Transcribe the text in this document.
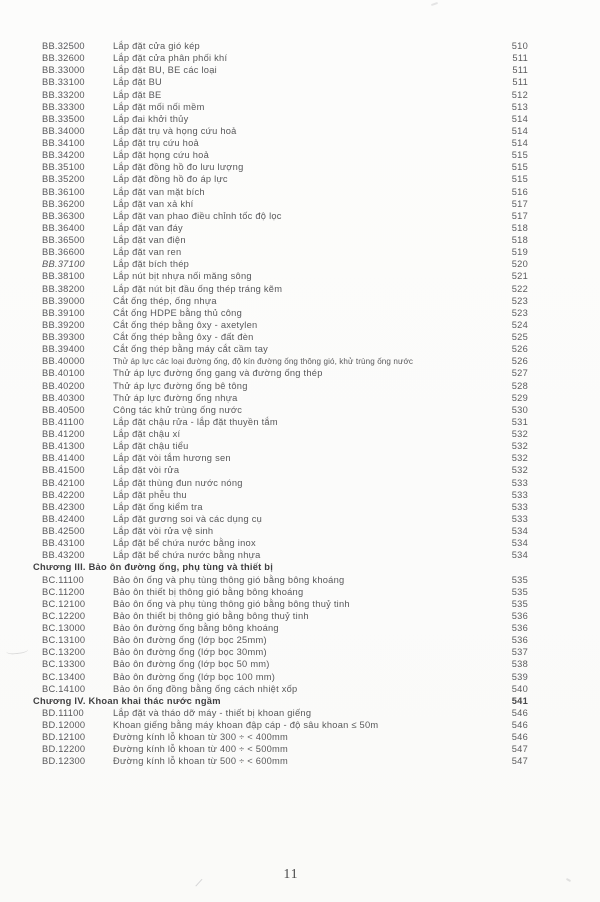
BB.32500	Lắp đặt cửa gió kép	510
BB.32600	Lắp đặt cửa phân phối khí	511
BB.33000	Lắp đặt BU, BE các loại	511
BB.33100	Lắp đặt BU	511
BB.33200	Lắp đặt BE	512
BB.33300	Lắp đặt mối nối mềm	513
BB.33500	Lắp đai khởi thủy	514
BB.34000	Lắp đặt trụ và họng cứu hoả	514
BB.34100	Lắp đặt trụ cứu hoả	514
BB.34200	Lắp đặt họng cứu hoả	515
BB.35100	Lắp đặt đồng hồ đo lưu lượng	515
BB.35200	Lắp đặt đồng hồ đo áp lực	515
BB.36100	Lắp đặt van mặt bích	516
BB.36200	Lắp đặt van xả khí	517
BB.36300	Lắp đặt van phao điều chỉnh tốc độ lọc	517
BB.36400	Lắp đặt van đáy	518
BB.36500	Lắp đặt van điện	518
BB.36600	Lắp đặt van ren	519
BB.37100	Lắp đặt bích thép	520
BB.38100	Lắp nút bịt nhựa nối măng sông	521
BB.38200	Lắp đặt nút bịt đầu ống thép tráng kẽm	522
BB.39000	Cắt ống thép, ống nhựa	523
BB.39100	Cắt ống HDPE bằng thủ công	523
BB.39200	Cắt ống thép bằng ôxy - axetylen	524
BB.39300	Cắt ống thép bằng ôxy - đất đèn	525
BB.39400	Cắt ống thép bằng máy cắt cầm tay	526
BB.40000	Thử áp lực các loại đường ống, độ kín đường ống thông gió, khử trùng ống nước	526
BB.40100	Thử áp lực đường ống gang và đường ống thép	527
BB.40200	Thử áp lực đường ống bê tông	528
BB.40300	Thử áp lực đường ống nhựa	529
BB.40500	Công tác khử trùng ống nước	530
BB.41100	Lắp đặt chậu rửa - lắp đặt thuyền tắm	531
BB.41200	Lắp đặt chậu xí	532
BB.41300	Lắp đặt chậu tiểu	532
BB.41400	Lắp đặt vòi tắm hương sen	532
BB.41500	Lắp đặt vòi rửa	532
BB.42100	Lắp đặt thùng đun nước nóng	533
BB.42200	Lắp đặt phễu thu	533
BB.42300	Lắp đặt ống kiểm tra	533
BB.42400	Lắp đặt gương soi và các dụng cụ	533
BB.42500	Lắp đặt vòi rửa vệ sinh	534
BB.43100	Lắp đặt bể chứa nước bằng inox	534
BB.43200	Lắp đặt bể chứa nước bằng nhựa	534
Chương III. Bảo ôn đường ống, phụ tùng và thiết bị
BC.11100	Bảo ôn ống và phụ tùng thông gió bằng bông khoáng	535
BC.11200	Bảo ôn thiết bị thông gió bằng bông khoáng	535
BC.12100	Bảo ôn ống và phụ tùng thông gió bằng bông thuỷ tinh	535
BC.12200	Bảo ôn thiết bị thông gió bằng bông thuỷ tinh	536
BC.13000	Bảo ôn đường ống bằng bông khoáng	536
BC.13100	Bảo ôn đường ống (lớp bọc 25mm)	536
BC.13200	Bảo ôn đường ống (lớp bọc 30mm)	537
BC.13300	Bảo ôn đường ống (lớp bọc 50 mm)	538
BC.13400	Bảo ôn đường ống (lớp bọc 100 mm)	539
BC.14100	Bảo ôn ống đồng bằng ống cách nhiệt xốp	540
Chương IV. Khoan khai thác nước ngầm	541
BD.11100	Lắp đặt và tháo dỡ máy - thiết bị khoan giếng	546
BD.12000	Khoan giếng bằng máy khoan đập cáp - độ sâu khoan ≤ 50m	546
BD.12100	Đường kính lỗ khoan từ 300 ÷ < 400mm	546
BD.12200	Đường kính lỗ khoan từ 400 ÷ < 500mm	547
BD.12300	Đường kính lỗ khoan từ 500 ÷ < 600mm	547
11
